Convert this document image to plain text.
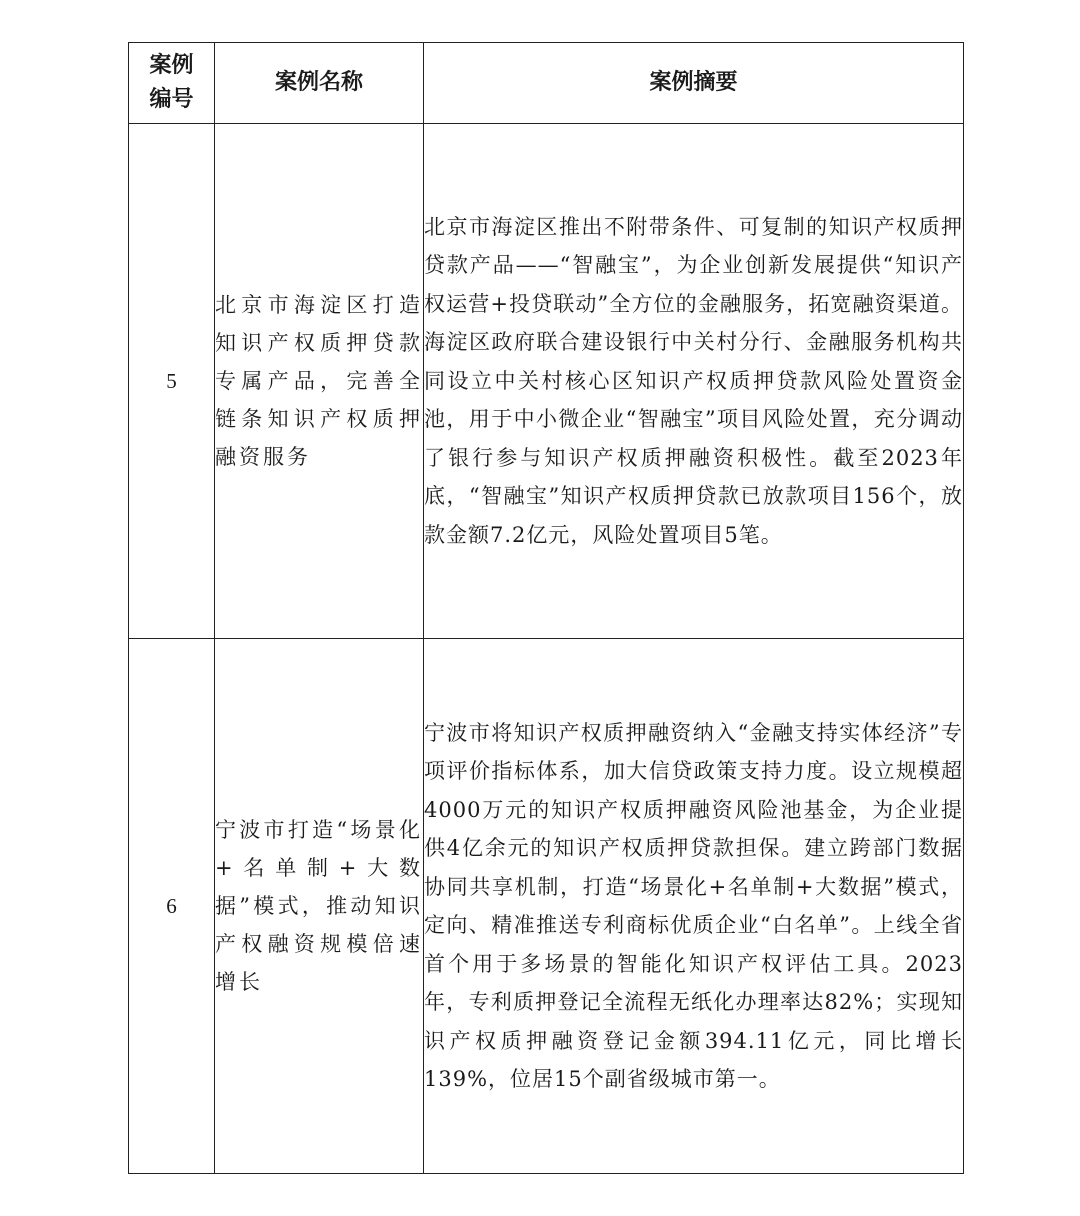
案例
编号	案例名称	案例摘要
5	北京市海淀区打造知识产权质押贷款专属产品，完善全链条知识产权质押融资服务	北京市海淀区推出不附带条件、可复制的知识产权质押贷款产品——“智融宝”，为企业创新发展提供“知识产权运营+投贷联动”全方位的金融服务，拓宽融资渠道。海淀区政府联合建设银行中关村分行、金融服务机构共同设立中关村核心区知识产权质押贷款风险处置资金池，用于中小微企业“智融宝”项目风险处置，充分调动了银行参与知识产权质押融资积极性。截至2023年底，“智融宝”知识产权质押贷款已放款项目156个，放款金额7.2亿元，风险处置项目5笔。
6	宁波市打造“场景化+名单制+大数据”模式，推动知识产权融资规模倍速增长	宁波市将知识产权质押融资纳入“金融支持实体经济”专项评价指标体系，加大信贷政策支持力度。设立规模超4000万元的知识产权质押融资风险池基金，为企业提供4亿余元的知识产权质押贷款担保。建立跨部门数据协同共享机制，打造“场景化+名单制+大数据”模式，定向、精准推送专利商标优质企业“白名单”。上线全省首个用于多场景的智能化知识产权评估工具。2023年，专利质押登记全流程无纸化办理率达82%；实现知识产权质押融资登记金额394.11亿元，同比增长139%，位居15个副省级城市第一。
